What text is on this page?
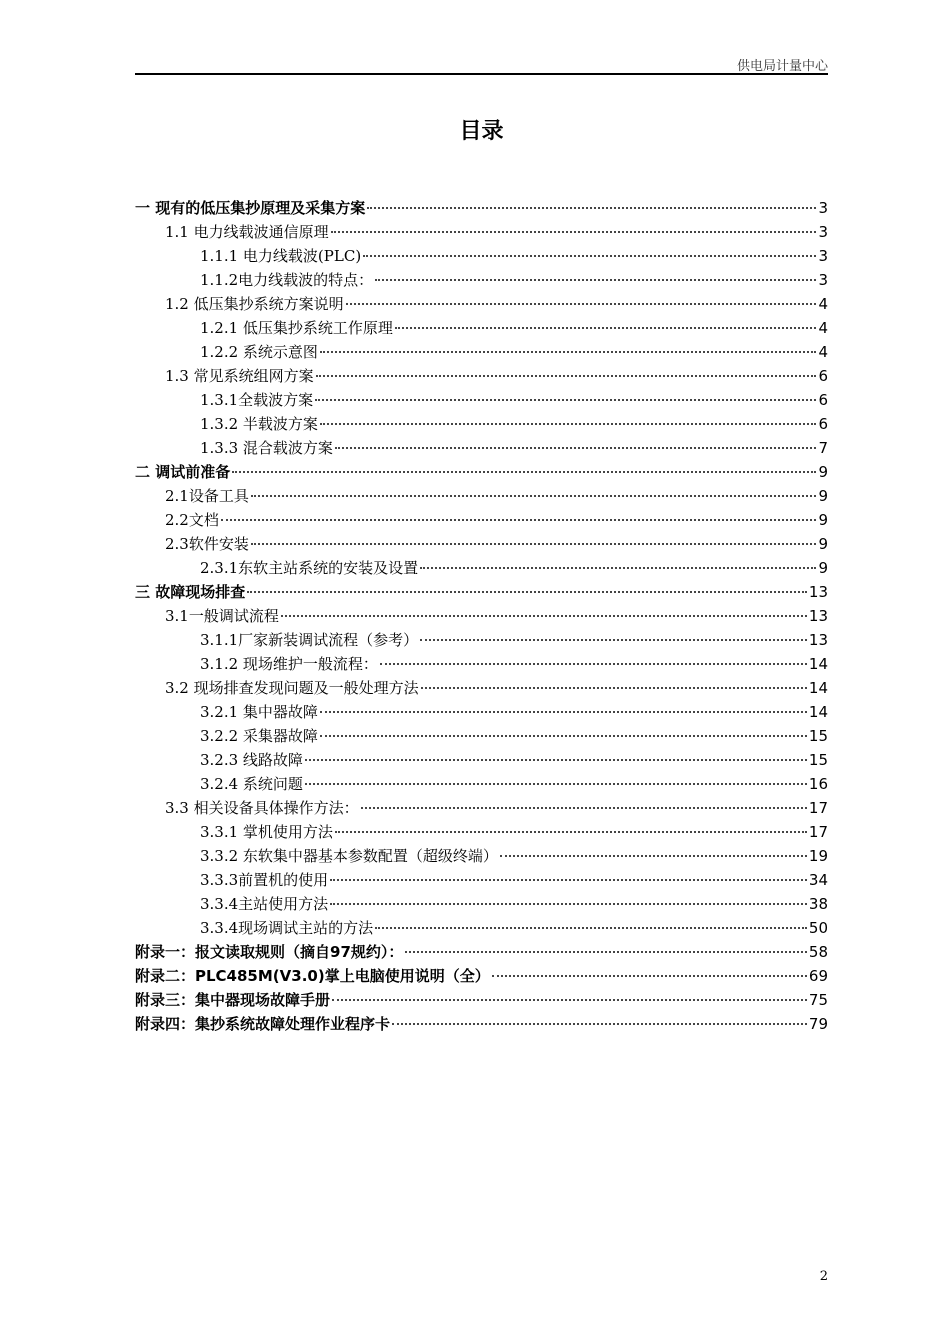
供电局计量中心
目录
一 现有的低压集抄原理及采集方案	3
1.1 电力线载波通信原理	3
1.1.1 电力线载波(PLC)	3
1.1.2电力线载波的特点：	3
1.2 低压集抄系统方案说明	4
1.2.1 低压集抄系统工作原理	4
1.2.2 系统示意图	4
1.3 常见系统组网方案	6
1.3.1全载波方案	6
1.3.2 半载波方案	6
1.3.3 混合载波方案	7
二 调试前准备	9
2.1设备工具	9
2.2文档	9
2.3软件安装	9
2.3.1东软主站系统的安装及设置	9
三 故障现场排查	13
3.1一般调试流程	13
3.1.1厂家新装调试流程（参考）	13
3.1.2 现场维护一般流程：	14
3.2 现场排查发现问题及一般处理方法	14
3.2.1 集中器故障	14
3.2.2 采集器故障	15
3.2.3 线路故障	15
3.2.4 系统问题	16
3.3 相关设备具体操作方法：	17
3.3.1 掌机使用方法	17
3.3.2 东软集中器基本参数配置（超级终端）	19
3.3.3前置机的使用	34
3.3.4主站使用方法	38
3.3.4现场调试主站的方法	50
附录一：报文读取规则（摘自97规约）：	58
附录二：PLC485M(V3.0)掌上电脑使用说明（全）	69
附录三：集中器现场故障手册	75
附录四：集抄系统故障处理作业程序卡	79
2
